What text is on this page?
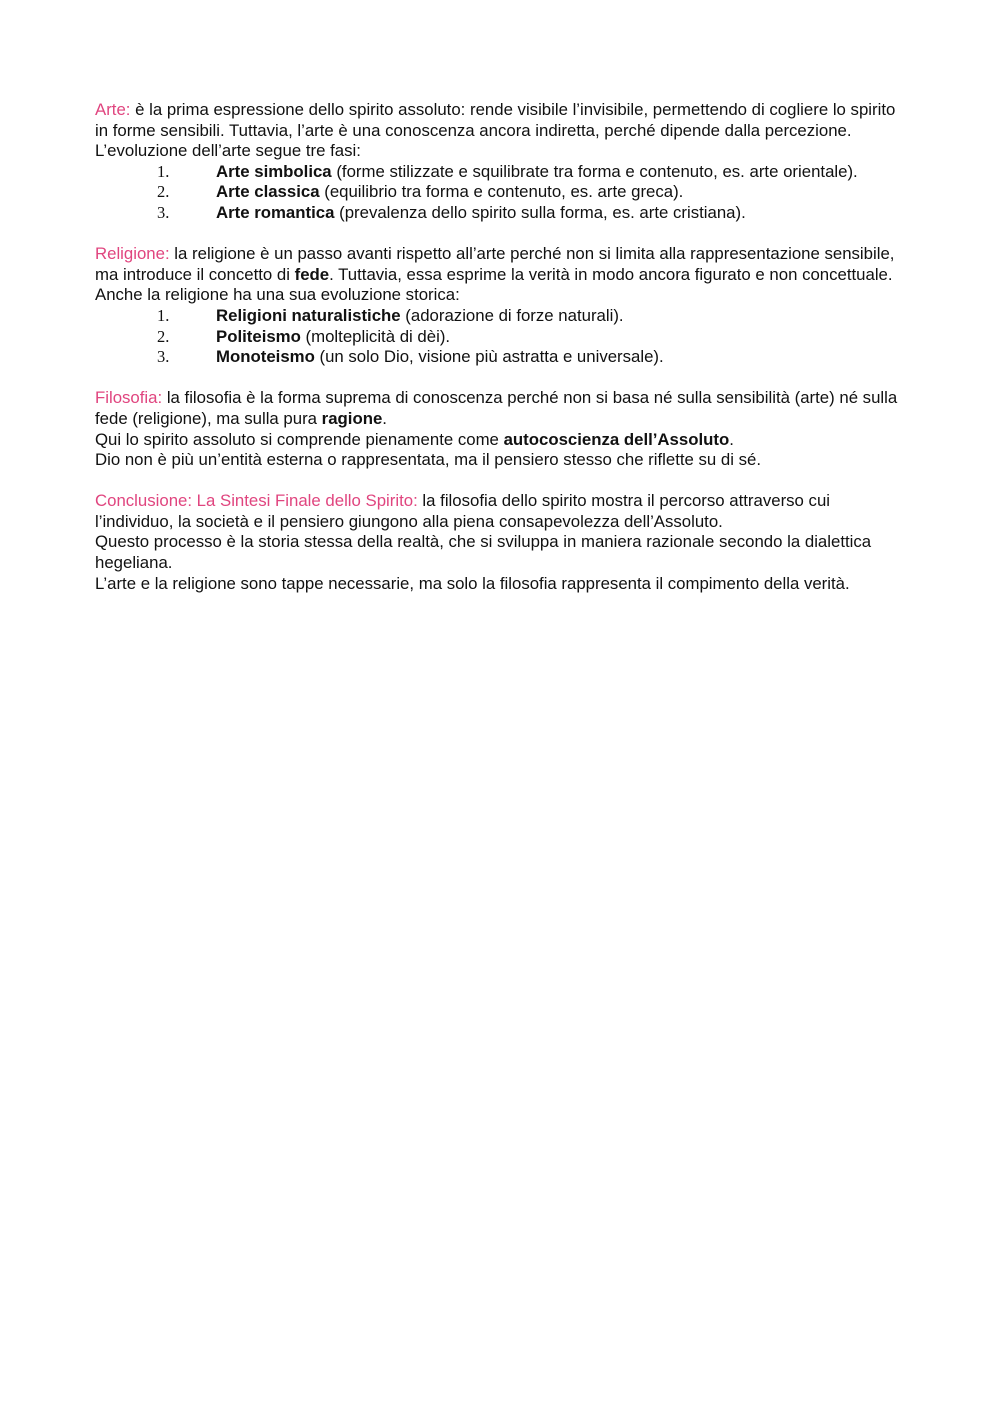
Arte: è la prima espressione dello spirito assoluto: rende visibile l’invisibile, permettendo di cogliere lo spirito in forme sensibili. Tuttavia, l’arte è una conoscenza ancora indiretta, perché dipende dalla percezione.

L’evoluzione dell’arte segue tre fasi:

1.	Arte simbolica (forme stilizzate e squilibrate tra forma e contenuto, es. arte orientale).
2.	Arte classica (equilibrio tra forma e contenuto, es. arte greca).
3.	Arte romantica (prevalenza dello spirito sulla forma, es. arte cristiana).

Religione: la religione è un passo avanti rispetto all’arte perché non si limita alla rappresentazione sensibile, ma introduce il concetto di fede. Tuttavia, essa esprime la verità in modo ancora figurato e non concettuale.

Anche la religione ha una sua evoluzione storica:

1.	Religioni naturalistiche (adorazione di forze naturali).
2.	Politeismo (molteplicità di dèi).
3.	Monoteismo (un solo Dio, visione più astratta e universale).

Filosofia: la filosofia è la forma suprema di conoscenza perché non si basa né sulla sensibilità (arte) né sulla fede (religione), ma sulla pura ragione.

Qui lo spirito assoluto si comprende pienamente come autocoscienza dell’Assoluto.

Dio non è più un’entità esterna o rappresentata, ma il pensiero stesso che riflette su di sé.

Conclusione: La Sintesi Finale dello Spirito: la filosofia dello spirito mostra il percorso attraverso cui l’individuo, la società e il pensiero giungono alla piena consapevolezza dell’Assoluto.

Questo processo è la storia stessa della realtà, che si sviluppa in maniera razionale secondo la dialettica hegeliana.

L’arte e la religione sono tappe necessarie, ma solo la filosofia rappresenta il compimento della verità.
